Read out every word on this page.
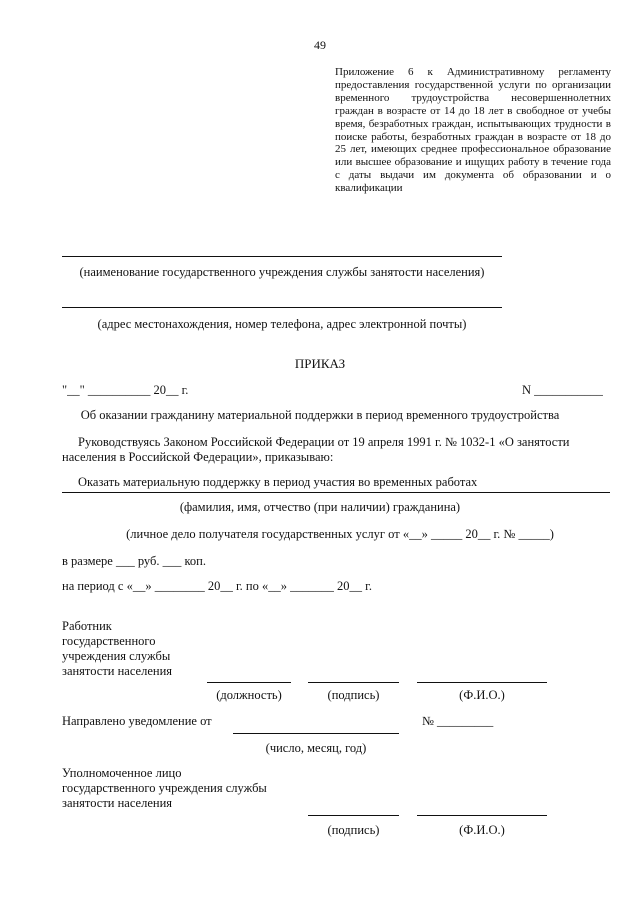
49
Приложение 6 к Административному регламенту предоставления государственной услуги по организации временного трудоустройства несовершеннолетних граждан в возрасте от 14 до 18 лет в свободное от учебы время, безработных граждан, испытывающих трудности в поиске работы, безработных граждан в возрасте от 18 до 25 лет, имеющих среднее профессиональное образование или высшее образование и ищущих работу в течение года с даты выдачи им документа об образовании и о квалификации
(наименование государственного учреждения службы занятости населения)
(адрес местонахождения, номер телефона, адрес электронной почты)
ПРИКАЗ
"__" __________ 20__ г.	N ___________
Об оказании гражданину материальной поддержки в период временного трудоустройства
Руководствуясь Законом Российской Федерации от 19 апреля 1991 г. № 1032-1 «О занятости
населения в Российской Федерации», приказываю:
Оказать материальную поддержку в период участия во временных работах
(фамилия, имя, отчество (при наличии) гражданина)
(личное дело получателя государственных услуг от «__» _____ 20__ г. № _____)
в размере ___ руб. ___ коп.
на период с «__» ________ 20__ г. по «__» _______ 20__ г.
Работник
государственного
учреждения службы
занятости населения
(должность)	(подпись)	(Ф.И.О.)
Направлено уведомление от	№ _________
(число, месяц, год)
Уполномоченное лицо
государственного учреждения службы
занятости населения
(подпись)	(Ф.И.О.)
